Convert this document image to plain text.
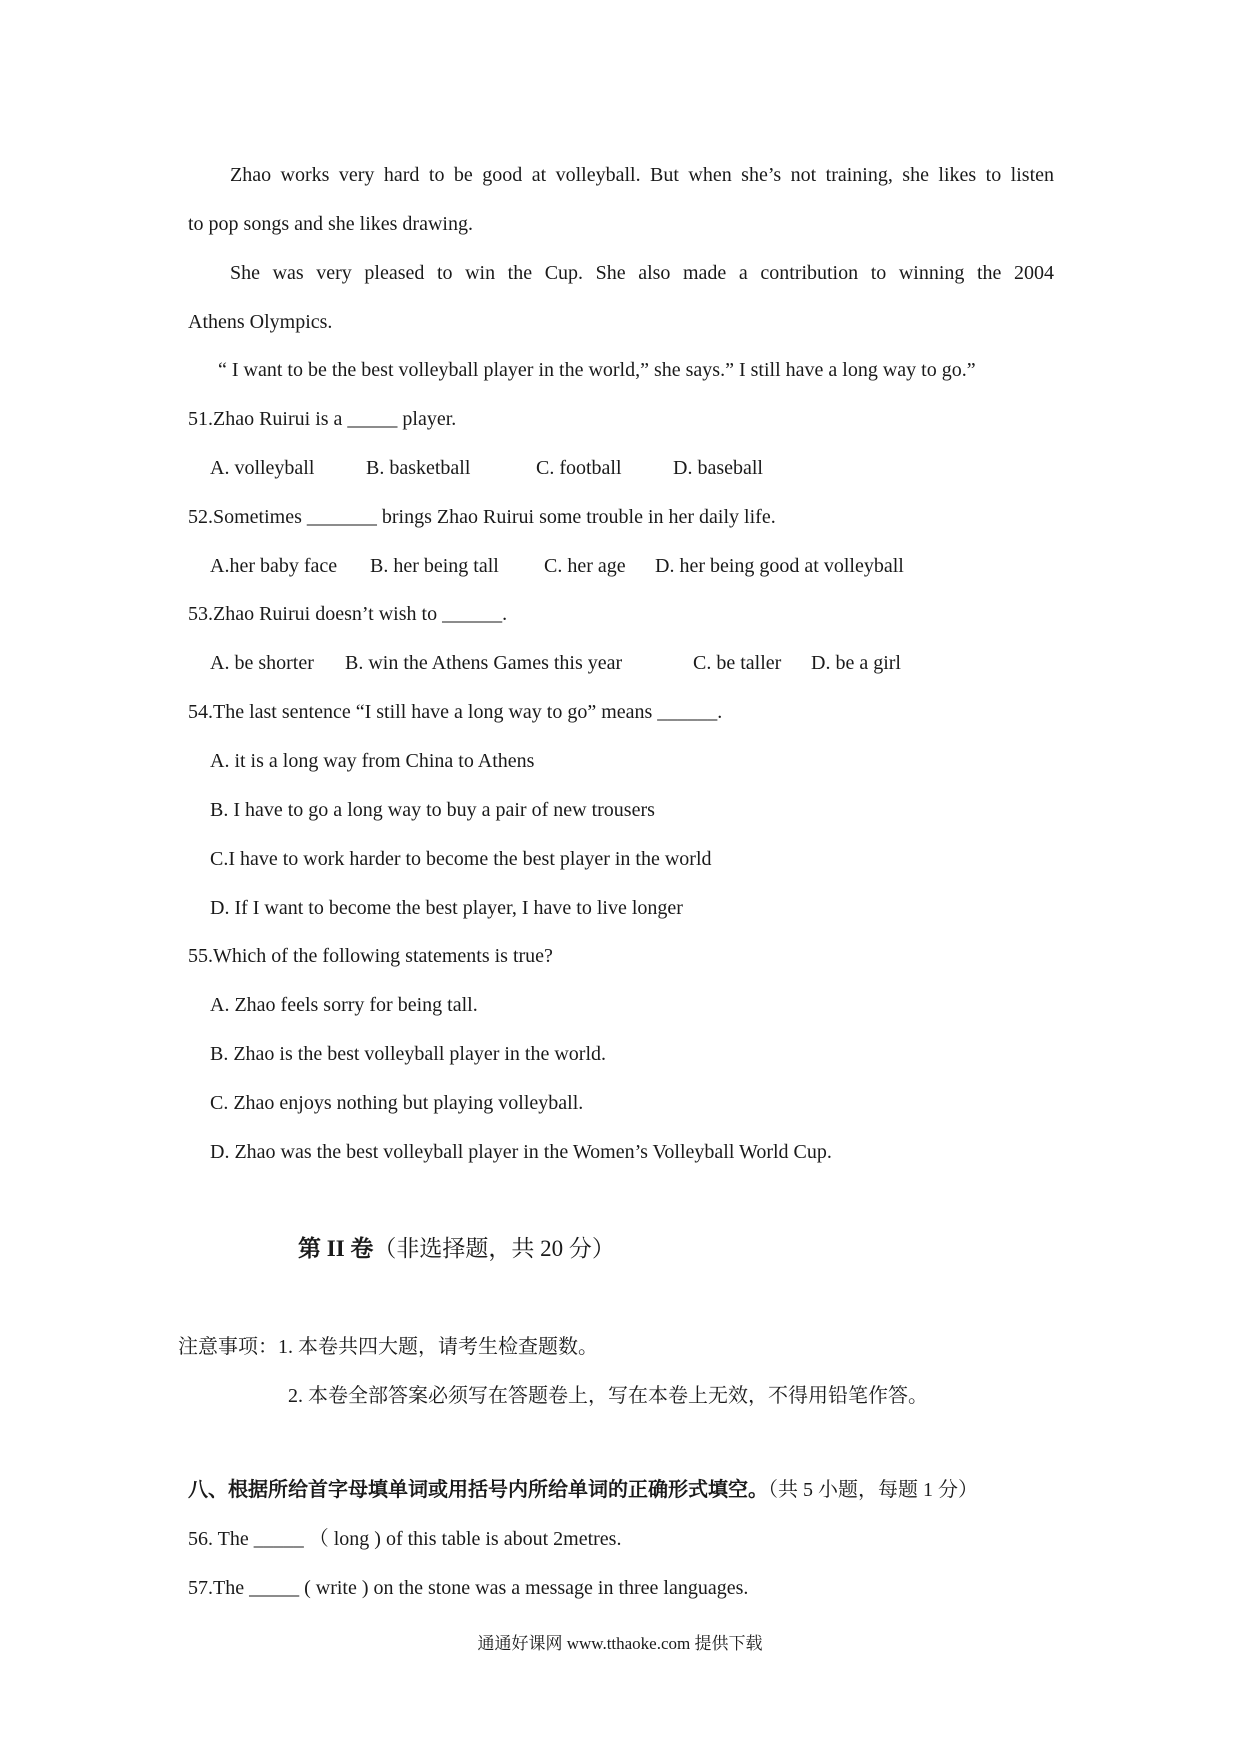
Zhao works very hard to be good at volleyball. But when she’s not training, she likes to listen
to pop songs and she likes drawing.
She was very pleased to win the Cup. She also made a contribution to winning the 2004
Athens Olympics.
“ I want to be the best volleyball player in the world,” she says.” I still have a long way to go.”
51.Zhao Ruirui is a _____ player.
A. volleyball	B. basketball	C. football	D. baseball
52.Sometimes _______ brings Zhao Ruirui some trouble in her daily life.
A.her baby face B. her being tall C. her age D. her being good at volleyball
53.Zhao Ruirui doesn’t wish to ______.
A. be shorter B. win the Athens Games this year	C. be taller D. be a girl
54.The last sentence “I still have a long way to go” means ______.
A. it is a long way from China to Athens
B. I have to go a long way to buy a pair of new trousers
C.I have to work harder to become the best player in the world
D. If I want to become the best player, I have to live longer
55.Which of the following statements is true?
A. Zhao feels sorry for being tall.
B. Zhao is the best volleyball player in the world.
C. Zhao enjoys nothing but playing volleyball.
D. Zhao was the best volleyball player in the Women’s Volleyball World Cup.
第 II 卷（非选择题，共 20 分）
注意事项：1. 本卷共四大题，请考生检查题数。
2. 本卷全部答案必须写在答题卷上，写在本卷上无效，不得用铅笔作答。
八、根据所给首字母填单词或用括号内所给单词的正确形式填空。（共 5 小题，每题 1 分）
56. The _____ （ long ) of this table is about 2metres.
57.The _____ ( write ) on the stone was a message in three languages.
通通好课网 www.tthaoke.com 提供下载
